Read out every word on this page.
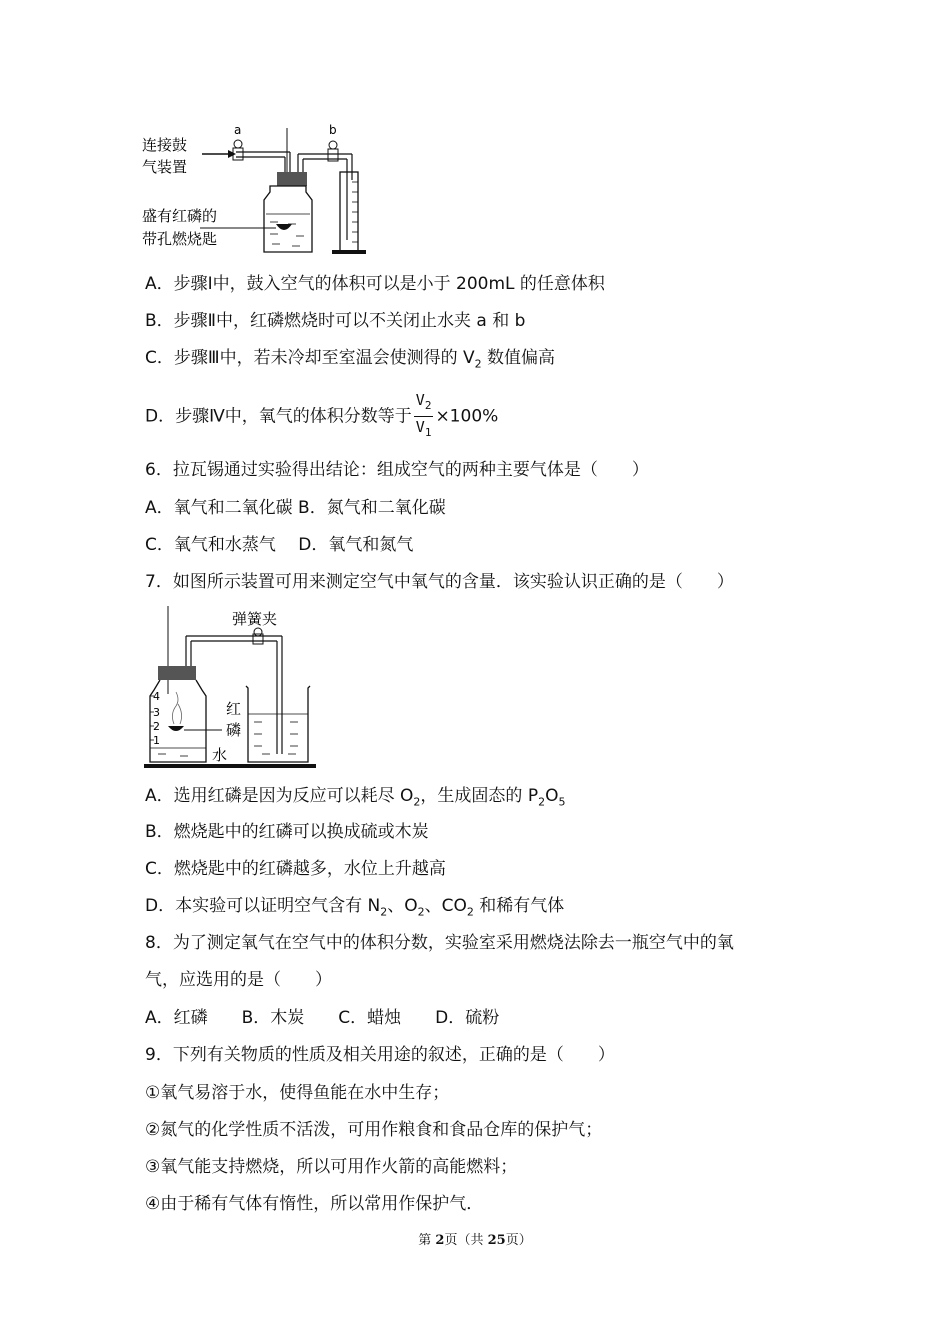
a	b
连接鼓
气装置
盛有红磷的
带孔燃烧匙
A．步骤Ⅰ中，鼓入空气的体积可以是小于 200mL 的任意体积
B．步骤Ⅱ中，红磷燃烧时可以不关闭止水夹 a 和 b
C．步骤Ⅲ中，若未冷却至室温会使测得的 $V_2$ 数值偏高
D．步骤Ⅳ中，氧气的体积分数等于 $\frac{V_2}{V_1} \times 100\%$
6．拉瓦锡通过实验得出结论：组成空气的两种主要气体是（　　）
A．氧气和二氧化碳 B．氮气和二氧化碳
C．氧气和水蒸气　 D．氧气和氮气
7．如图所示装置可用来测定空气中氧气的含量．该实验认识正确的是（　　）
弹簧夹
红
磷
水
4
3
2
1
A．选用红磷是因为反应可以耗尽 $O_2$，生成固态的 $P_2O_5$
B．燃烧匙中的红磷可以换成硫或木炭
C．燃烧匙中的红磷越多，水位上升越高
D．本实验可以证明空气含有 $N_2$、$O_2$、$CO_2$ 和稀有气体
8．为了测定氧气在空气中的体积分数，实验室采用燃烧法除去一瓶空气中的氧
气，应选用的是（　　）
A．红磷　　B．木炭　　C．蜡烛　　D．硫粉
9．下列有关物质的性质及相关用途的叙述，正确的是（　　）
①氧气易溶于水，使得鱼能在水中生存；
②氮气的化学性质不活泼，可用作粮食和食品仓库的保护气；
③氧气能支持燃烧，所以可用作火箭的高能燃料；
④由于稀有气体有惰性，所以常用作保护气．
第 2页（共 25页）
